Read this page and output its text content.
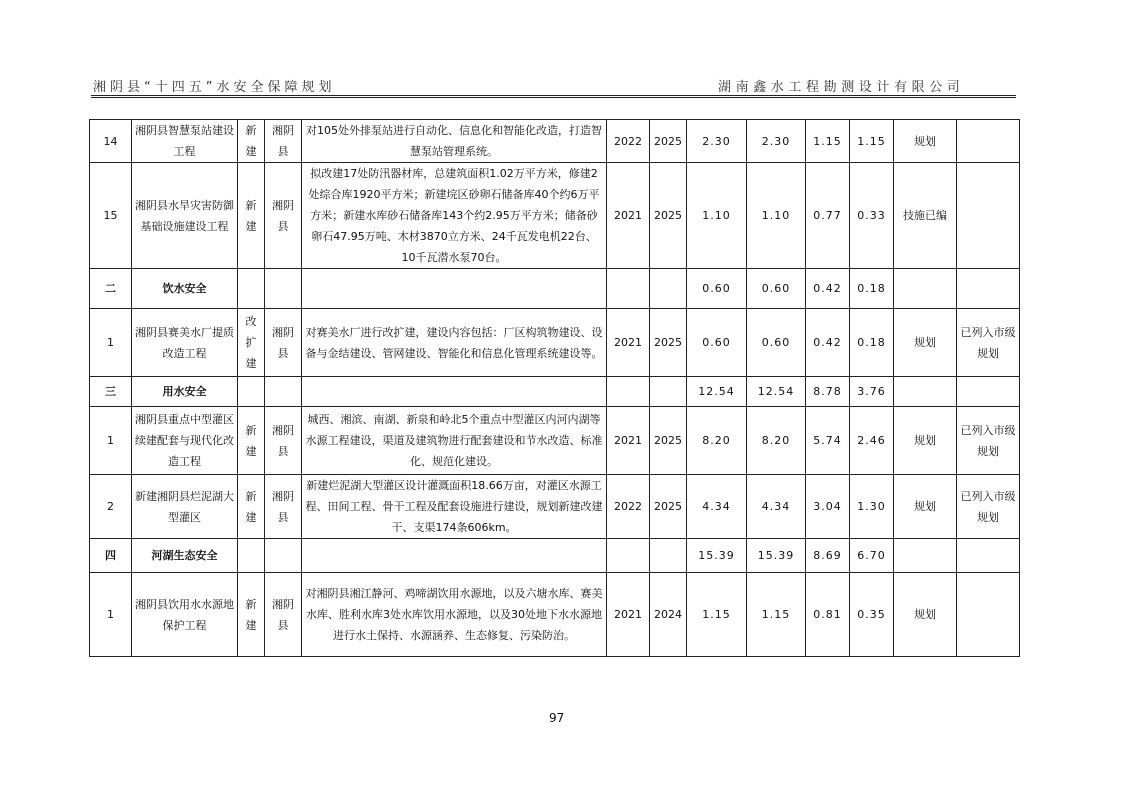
湘阴县“十四五”水安全保障规划	湖南鑫水工程勘测设计有限公司
14	湘阴县智慧泵站建设工程	新建	湘阴县	对105处外排泵站进行自动化、信息化和智能化改造，打造智慧泵站管理系统。	2022	2025	2.30	2.30	1.15	1.15	规划	
15	湘阴县水旱灾害防御基础设施建设工程	新建	湘阴县	拟改建17处防汛器材库，总建筑面积1.02万平方米，修建2处综合库1920平方米；新建垸区砂卵石储备库40个约6万平方米；新建水库砂石储备库143个约2.95万平方米；储备砂卵石47.95万吨、木材3870立方米、24千瓦发电机22台、10千瓦潜水泵70台。	2021	2025	1.10	1.10	0.77	0.33	技施已编	
二	饮水安全						0.60	0.60	0.42	0.18		
1	湘阴县赛美水厂提质改造工程	改扩建	湘阴县	对赛美水厂进行改扩建，建设内容包括：厂区构筑物建设、设备与金结建设、管网建设、智能化和信息化管理系统建设等。	2021	2025	0.60	0.60	0.42	0.18	规划	已列入市级规划
三	用水安全						12.54	12.54	8.78	3.76		
1	湘阴县重点中型灌区续建配套与现代化改造工程	新建	湘阴县	城西、湘滨、南湖、新泉和岭北5个重点中型灌区内河内湖等水源工程建设，渠道及建筑物进行配套建设和节水改造、标准化、规范化建设。	2021	2025	8.20	8.20	5.74	2.46	规划	已列入市级规划
2	新建湘阴县烂泥湖大型灌区	新建	湘阴县	新建烂泥湖大型灌区设计灌溉面积18.66万亩，对灌区水源工程、田间工程、骨干工程及配套设施进行建设，规划新建改建干、支渠174条606km。	2022	2025	4.34	4.34	3.04	1.30	规划	已列入市级规划
四	河湖生态安全						15.39	15.39	8.69	6.70		
1	湘阴县饮用水水源地保护工程	新建	湘阴县	对湘阴县湘江静河、鸡啼湖饮用水源地，以及六塘水库、赛美水库、胜利水库3处水库饮用水源地，以及30处地下水水源地进行水土保持、水源涵养、生态修复、污染防治。	2021	2024	1.15	1.15	0.81	0.35	规划	
97
